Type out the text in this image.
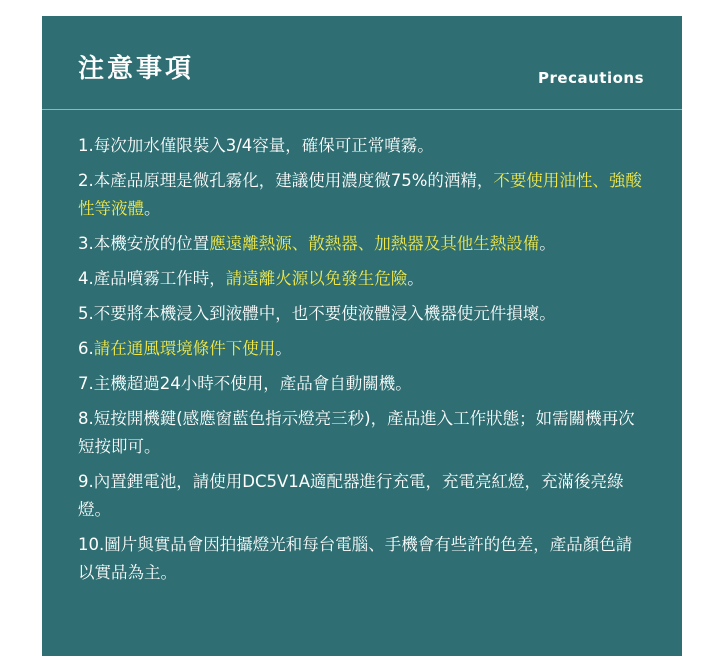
注意事項	Precautions
1.每次加水僅限裝入3/4容量，確保可正常噴霧。
2.本產品原理是微孔霧化，建議使用濃度微75%的酒精，不要使用油性、強酸性等液體。
3.本機安放的位置應遠離熱源、散熱器、加熱器及其他生熱設備。
4.產品噴霧工作時，請遠離火源以免發生危險。
5.不要將本機浸入到液體中，也不要使液體浸入機器使元件損壞。
6.請在通風環境條件下使用。
7.主機超過24小時不使用，產品會自動關機。
8.短按開機鍵(感應窗藍色指示燈亮三秒)，產品進入工作狀態；如需關機再次短按即可。
9.內置鋰電池，請使用DC5V1A適配器進行充電，充電亮紅燈，充滿後亮綠燈。
10.圖片與實品會因拍攝燈光和每台電腦、手機會有些許的色差，產品顏色請以實品為主。
